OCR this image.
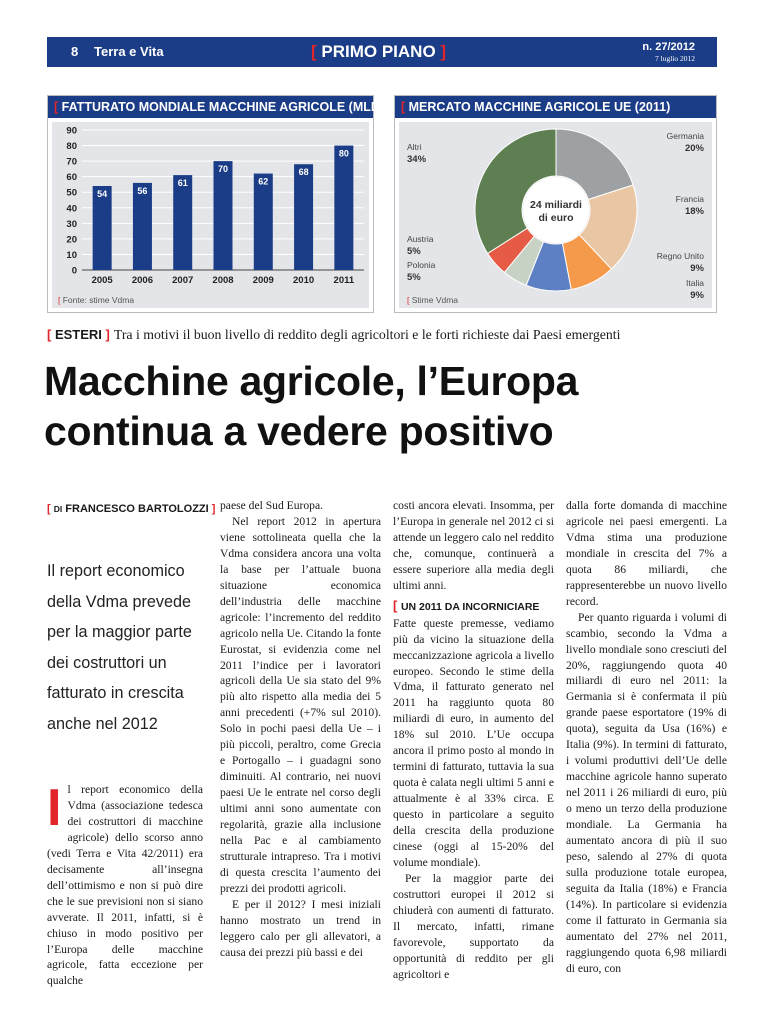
8 Terra e Vita	[ PRIMO PIANO ]	n. 27/2012
7 luglio 2012
[ FATTURATO MONDIALE MACCHINE AGRICOLE (MLD/€)
0
10
20
30
40
50
60
70
80
90
54
2005
56
2006
61
2007
70
2008
62
2009
68
2010
80
2011
[ Fonte: stime Vdma
[ MERCATO MACCHINE AGRICOLE UE (2011)
24 miliardi
di euro
Germania
20%
Francia
18%
Regno Unito
9%
Italia
9%
Polonia
5%
Austria
5%
Altri
34%
[ Stime Vdma
[ ESTERI ] Tra i motivi il buon livello di reddito degli agricoltori e le forti richieste dai Paesi emergenti
Macchine agricole, l’Europa
continua a vedere positivo
[ DI FRANCESCO BARTOLOZZI ]
Il report economico
della Vdma prevede
per la maggior parte
dei costruttori un
fatturato in crescita
anche nel 2012

Il report economico della Vdma (associazione tedesca dei costruttori di macchine agricole) dello scorso anno (vedi Terra e Vita 42/2011) era decisamente all’insegna dell’ottimismo e non si può dire che le sue previsioni non si siano avverate. Il 2011, infatti, si è chiuso in modo positivo per l’Europa delle macchine agricole, fatta eccezione per qualche

paese del Sud Europa.

Nel report 2012 in apertura viene sottolineata quella che la Vdma considera ancora una volta la base per l’attuale buona situazione economica dell’industria delle macchine agricole: l’incremento del reddito agricolo nella Ue. Citando la fonte Eurostat, si evidenzia come nel 2011 l’indice per i lavoratori agricoli della Ue sia stato del 9% più alto rispetto alla media dei 5 anni precedenti (+7% sul 2010). Solo in pochi paesi della Ue – i più piccoli, peraltro, come Grecia e Portogallo – i guadagni sono diminuiti. Al contrario, nei nuovi paesi Ue le entrate nel corso degli ultimi anni sono aumentate con regolarità, grazie alla inclusione nella Pac e al cambiamento strutturale intrapreso. Tra i motivi di questa crescita l’aumento dei prezzi dei prodotti agricoli.

E per il 2012? I mesi iniziali hanno mostrato un trend in leggero calo per gli allevatori, a causa dei prezzi più bassi e dei

costi ancora elevati. Insomma, per l’Europa in generale nel 2012 ci si attende un leggero calo nel reddito che, comunque, continuerà a essere superiore alla media degli ultimi anni.

[ UN 2011 DA INCORNICIARE

Fatte queste premesse, vediamo più da vicino la situazione della meccanizzazione agricola a livello europeo. Secondo le stime della Vdma, il fatturato generato nel 2011 ha raggiunto quota 80 miliardi di euro, in aumento del 18% sul 2010. L’Ue occupa ancora il primo posto al mondo in termini di fatturato, tuttavia la sua quota è calata negli ultimi 5 anni e attualmente è al 33% circa. E questo in particolare a seguito della crescita della produzione cinese (oggi al 15-20% del volume mondiale).

Per la maggior parte dei costruttori europei il 2012 si chiuderà con aumenti di fatturato. Il mercato, infatti, rimane favorevole, supportato da opportunità di reddito per gli agricoltori e

dalla forte domanda di macchine agricole nei paesi emergenti. La Vdma stima una produzione mondiale in crescita del 7% a quota 86 miliardi, che rappresenterebbe un nuovo livello record.

Per quanto riguarda i volumi di scambio, secondo la Vdma a livello mondiale sono cresciuti del 20%, raggiungendo quota 40 miliardi di euro nel 2011: la Germania si è confermata il più grande paese esportatore (19% di quota), seguita da Usa (16%) e Italia (9%). In termini di fatturato, i volumi produttivi dell’Ue delle macchine agricole hanno superato nel 2011 i 26 miliardi di euro, più o meno un terzo della produzione mondiale. La Germania ha aumentato ancora di più il suo peso, salendo al 27% di quota sulla produzione totale europea, seguita da Italia (18%) e Francia (14%). In particolare si evidenzia come il fatturato in Germania sia aumentato del 27% nel 2011, raggiungendo quota 6,98 miliardi di euro, con
